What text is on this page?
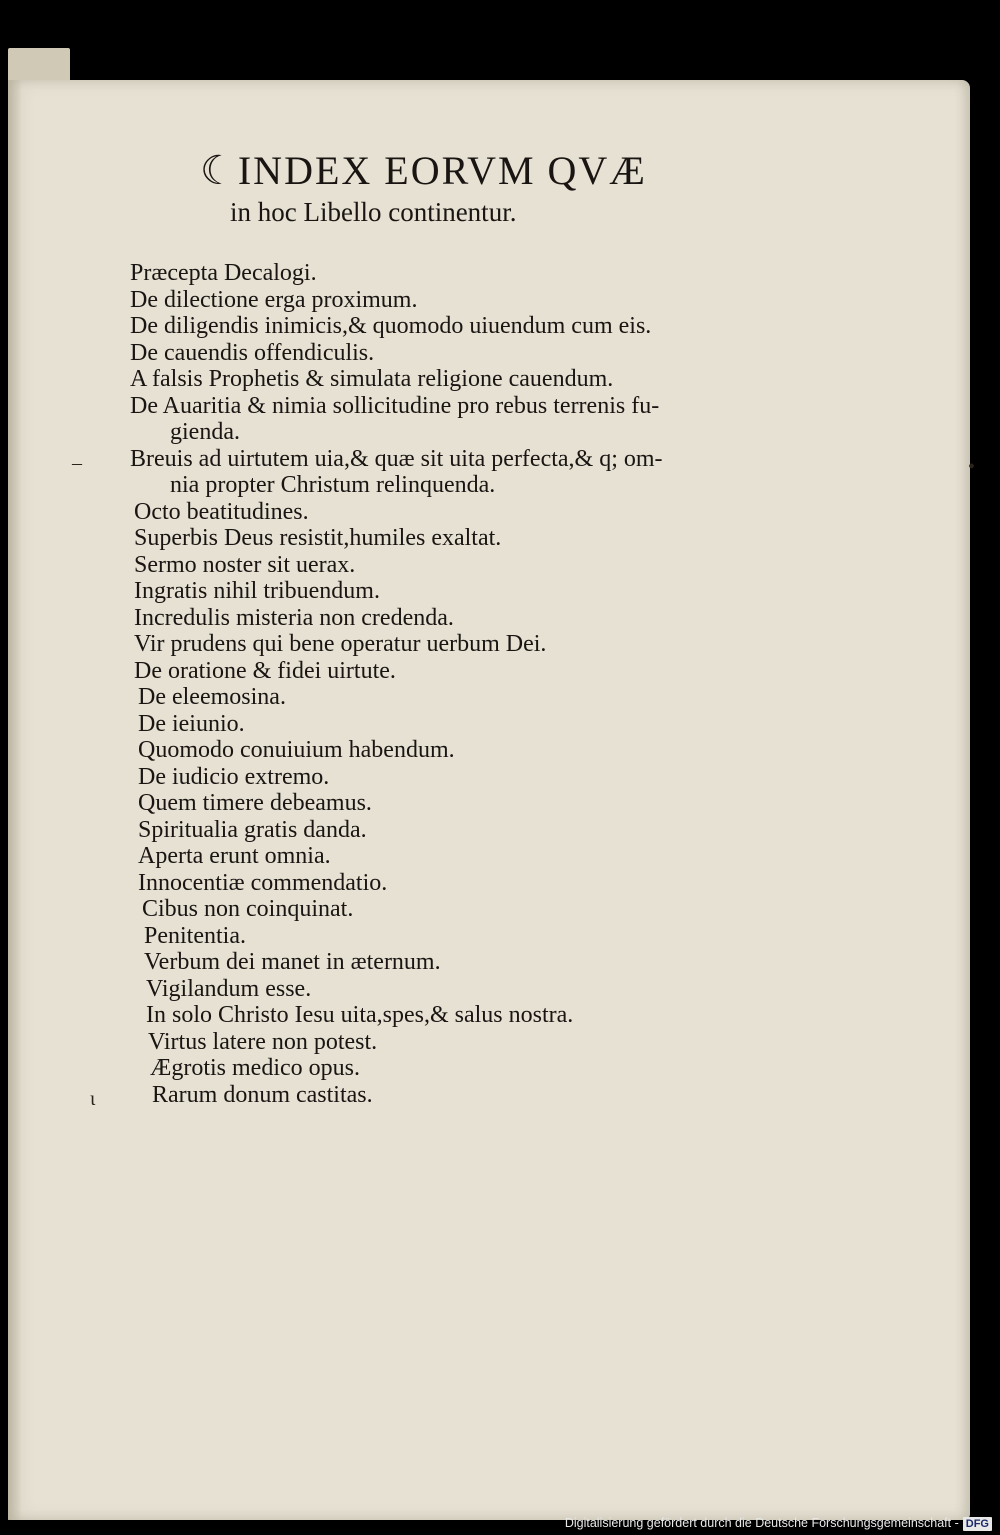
☾INDEX EORVM QVÆ
in hoc Libello continentur.
Præcepta Decalogi.
De dilectione erga proximum.
De diligendis inimicis,& quomodo uiuendum cum eis.
De cauendis offendiculis.
A falsis Prophetis & simulata religione cauendum.
De Auaritia & nimia sollicitudine pro rebus terrenis fu-
gienda.
Breuis ad uirtutem uia,& quæ sit uita perfecta,& q; om-
nia propter Christum relinquenda.
Octo beatitudines.
Superbis Deus resistit,humiles exaltat.
Sermo noster sit uerax.
Ingratis nihil tribuendum.
Incredulis misteria non credenda.
Vir prudens qui bene operatur uerbum Dei.
De oratione & fidei uirtute.
De eleemosina.
De ieiunio.
Quomodo conuiuium habendum.
De iudicio extremo.
Quem timere debeamus.
Spiritualia gratis danda.
Aperta erunt omnia.
Innocentiæ commendatio.
Cibus non coinquinat.
Penitentia.
Verbum dei manet in æternum.
Vigilandum esse.
In solo Christo Iesu uita,spes,& salus nostra.
Virtus latere non potest.
Ægrotis medico opus.
Rarum donum castitas.
–
ι
•
Digitalisierung gefördert durch die Deutsche Forschungsgemeinschaft - DFG
